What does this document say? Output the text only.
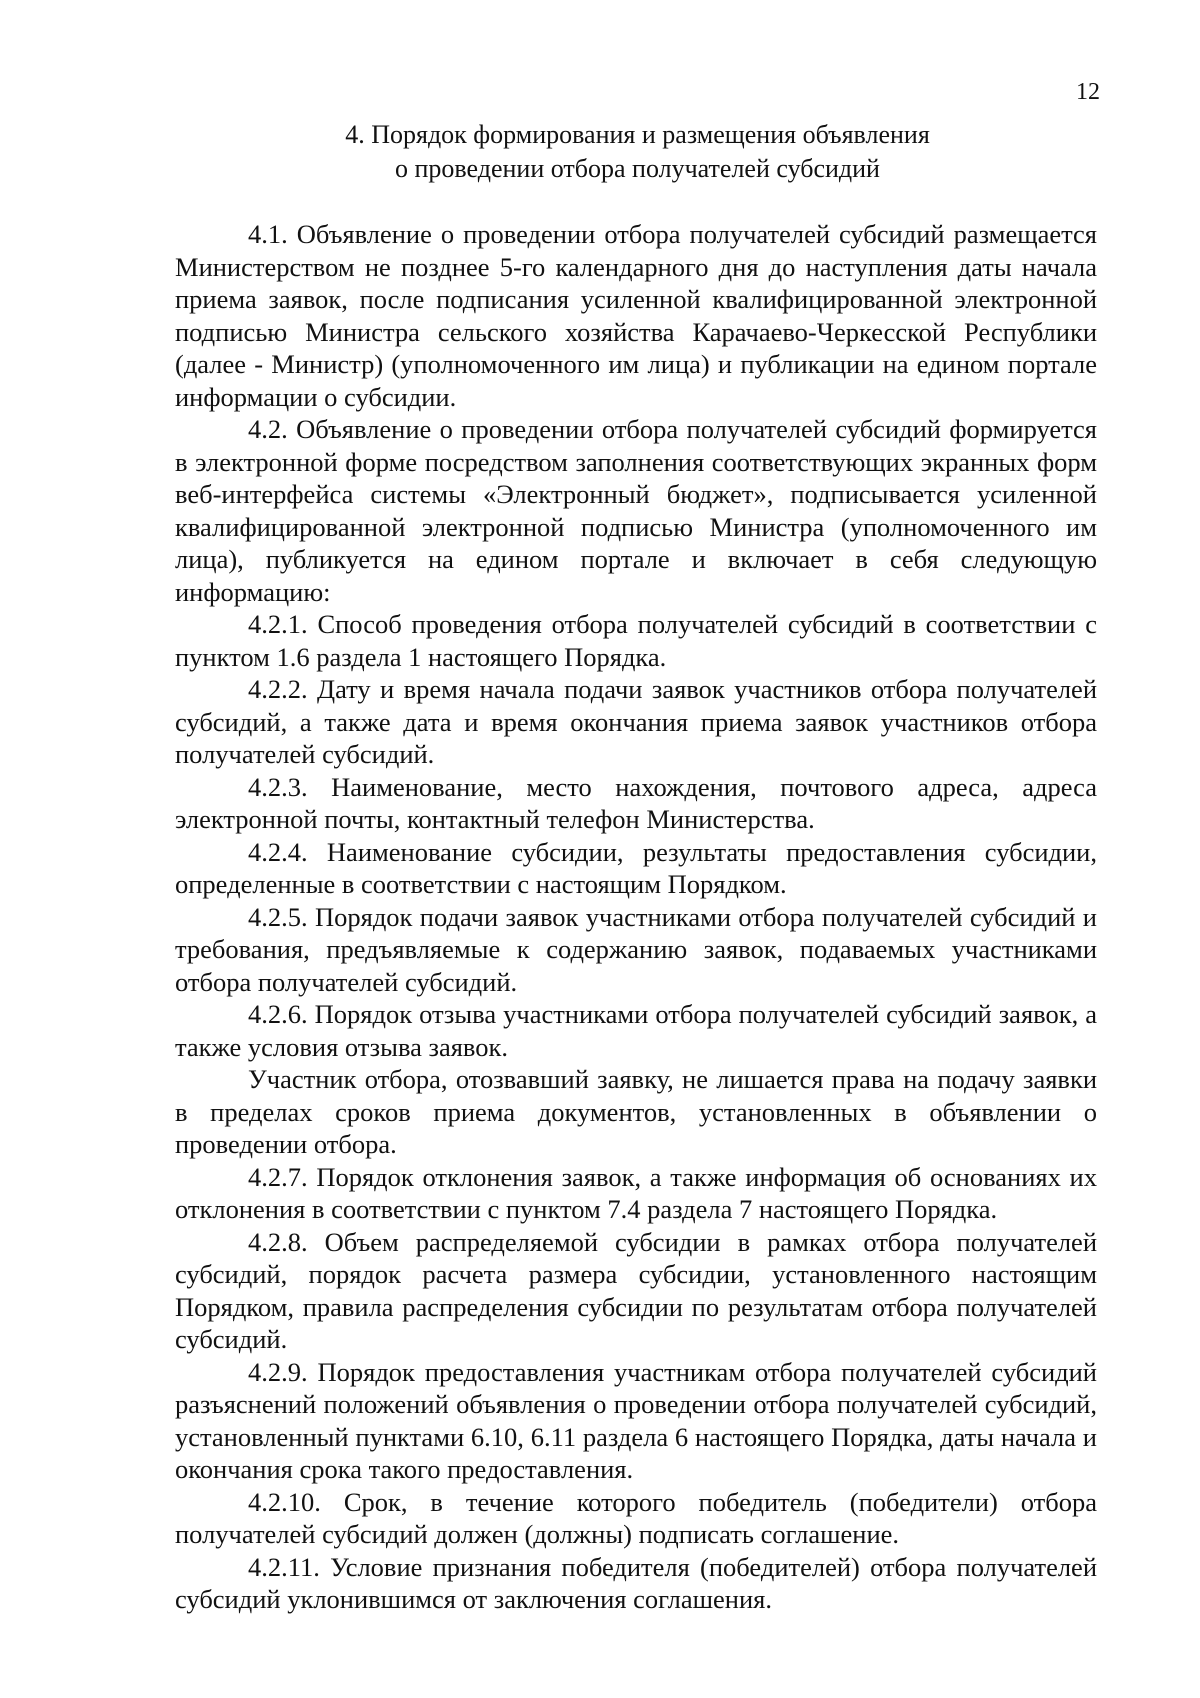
12
4. Порядок формирования и размещения объявления
о проведении отбора получателей субсидий

4.1. Объявление о проведении отбора получателей субсидий размещается Министерством не позднее 5-го календарного дня до наступления даты начала приема заявок, после подписания усиленной квалифицированной электронной подписью Министра сельского хозяйства Карачаево-Черкесской Республики (далее - Министр) (уполномоченного им лица) и публикации на едином портале информации о субсидии.

4.2. Объявление о проведении отбора получателей субсидий формируется в электронной форме посредством заполнения соответствующих экранных форм веб-интерфейса системы «Электронный бюджет», подписывается усиленной квалифицированной электронной подписью Министра (уполномоченного им лица), публикуется на едином портале и включает в себя следующую информацию:

4.2.1. Способ проведения отбора получателей субсидий в соответствии с пунктом 1.6 раздела 1 настоящего Порядка.

4.2.2. Дату и время начала подачи заявок участников отбора получателей субсидий, а также дата и время окончания приема заявок участников отбора получателей субсидий.

4.2.3. Наименование, место нахождения, почтового адреса, адреса электронной почты, контактный телефон Министерства.

4.2.4. Наименование субсидии, результаты предоставления субсидии, определенные в соответствии с настоящим Порядком.

4.2.5. Порядок подачи заявок участниками отбора получателей субсидий и требования, предъявляемые к содержанию заявок, подаваемых участниками отбора получателей субсидий.

4.2.6. Порядок отзыва участниками отбора получателей субсидий заявок, а также условия отзыва заявок.

Участник отбора, отозвавший заявку, не лишается права на подачу заявки в пределах сроков приема документов, установленных в объявлении о проведении отбора.

4.2.7. Порядок отклонения заявок, а также информация об основаниях их отклонения в соответствии с пунктом 7.4 раздела 7 настоящего Порядка.

4.2.8. Объем распределяемой субсидии в рамках отбора получателей субсидий, порядок расчета размера субсидии, установленного настоящим Порядком, правила распределения субсидии по результатам отбора получателей субсидий.

4.2.9. Порядок предоставления участникам отбора получателей субсидий разъяснений положений объявления о проведении отбора получателей субсидий, установленный пунктами 6.10, 6.11 раздела 6 настоящего Порядка, даты начала и окончания срока такого предоставления.

4.2.10. Срок, в течение которого победитель (победители) отбора получателей субсидий должен (должны) подписать соглашение.

4.2.11. Условие признания победителя (победителей) отбора получателей субсидий уклонившимся от заключения соглашения.
